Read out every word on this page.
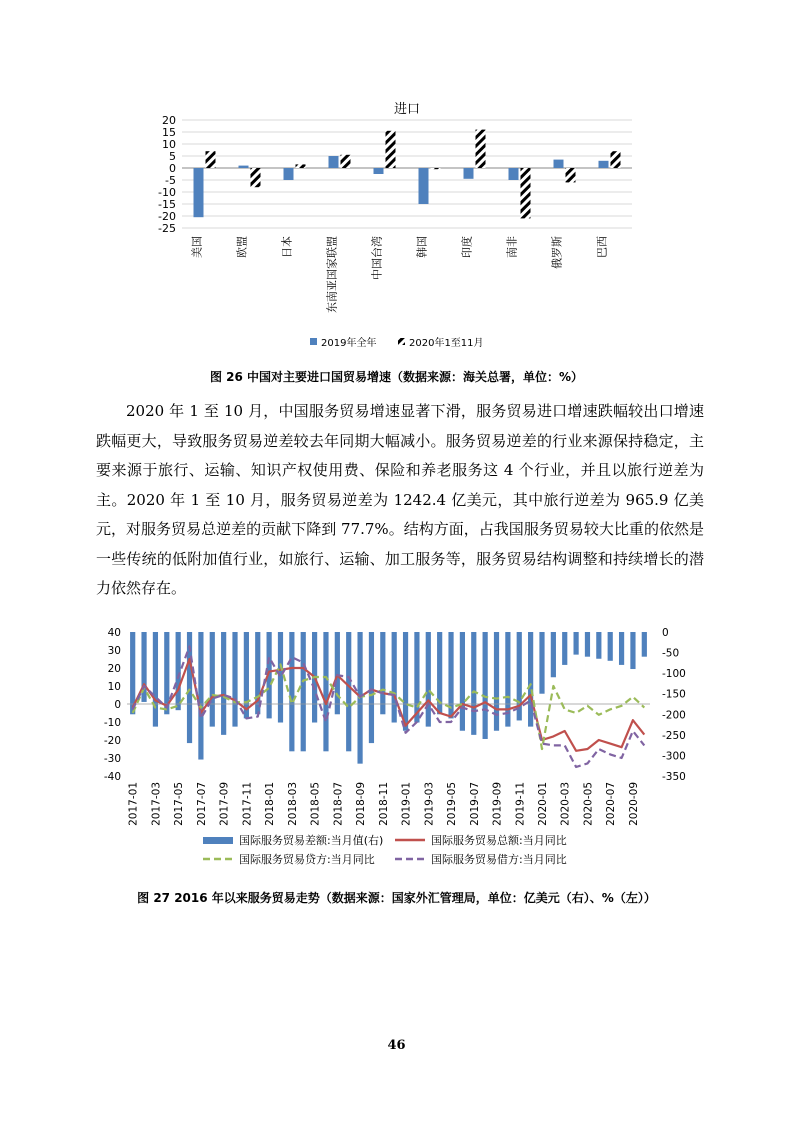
进口
20
15
10
5
0
-5
-10
-15
-20
-25
美国	欧盟	日本	东南亚国家联盟	中国台湾	韩国	印度	南非	俄罗斯	巴西
2019年全年	2020年1至11月
图 26 中国对主要进口国贸易增速（数据来源：海关总署，单位：%）

2020 年 1 至 10 月，中国服务贸易增速显著下滑，服务贸易进口增速跌幅较出口增速跌幅更大，导致服务贸易逆差较去年同期大幅减小。服务贸易逆差的行业来源保持稳定，主要来源于旅行、运输、知识产权使用费、保险和养老服务这 4 个行业，并且以旅行逆差为主。2020 年 1 至 10 月，服务贸易逆差为 1242.4 亿美元，其中旅行逆差为 965.9 亿美元，对服务贸易总逆差的贡献下降到 77.7%。结构方面，占我国服务贸易较大比重的依然是一些传统的低附加值行业，如旅行、运输、加工服务等，服务贸易结构调整和持续增长的潜力依然存在。

40
30
20
10
0
-10
-20
-30
-40
0
-50
-100
-150
-200
-250
-300
-350
2017-01 2017-03 2017-05 2017-07 2017-09 2017-11 2018-01 2018-03 2018-05 2018-07 2018-09 2018-11 2019-01 2019-03 2019-05 2019-07 2019-09 2019-11 2020-01 2020-03 2020-05 2020-07 2020-09
国际服务贸易差额:当月值(右)	国际服务贸易总额:当月同比
国际服务贸易贷方:当月同比	国际服务贸易借方:当月同比
图 27 2016 年以来服务贸易走势（数据来源：国家外汇管理局，单位：亿美元（右）、%（左））
46
